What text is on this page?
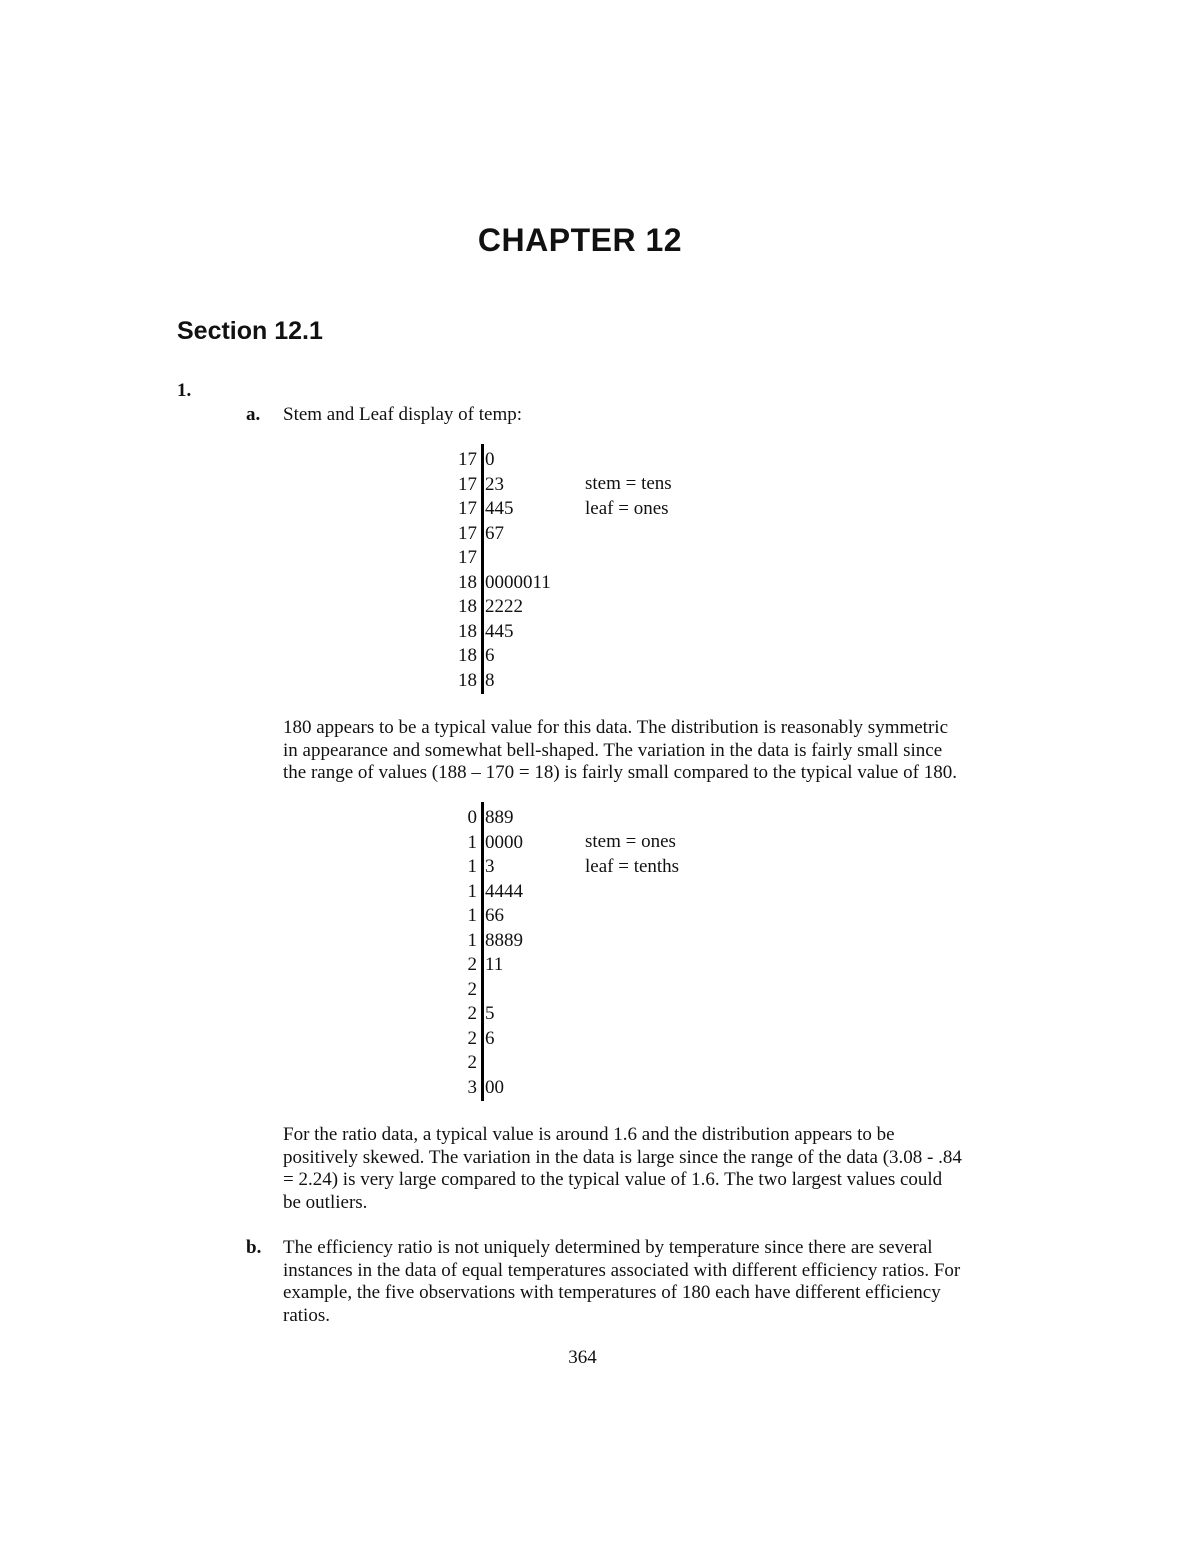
CHAPTER 12
Section 12.1
1.
a. Stem and Leaf display of temp:
17 0
17 23
17 445
17 67
17
18 0000011
18 2222
18 445
18 6
18 8
stem = tens
leaf = ones
180 appears to be a typical value for this data. The distribution is reasonably symmetric
in appearance and somewhat bell-shaped. The variation in the data is fairly small since
the range of values (188 – 170 = 18) is fairly small compared to the typical value of 180.
0 889
1 0000
1 3
1 4444
1 66
1 8889
2 11
2
2 5
2 6
2
3 00
stem = ones
leaf = tenths
For the ratio data, a typical value is around 1.6 and the distribution appears to be
positively skewed. The variation in the data is large since the range of the data (3.08 - .84
= 2.24) is very large compared to the typical value of 1.6. The two largest values could
be outliers.
b. The efficiency ratio is not uniquely determined by temperature since there are several
instances in the data of equal temperatures associated with different efficiency ratios. For
example, the five observations with temperatures of 180 each have different efficiency
ratios.
364
